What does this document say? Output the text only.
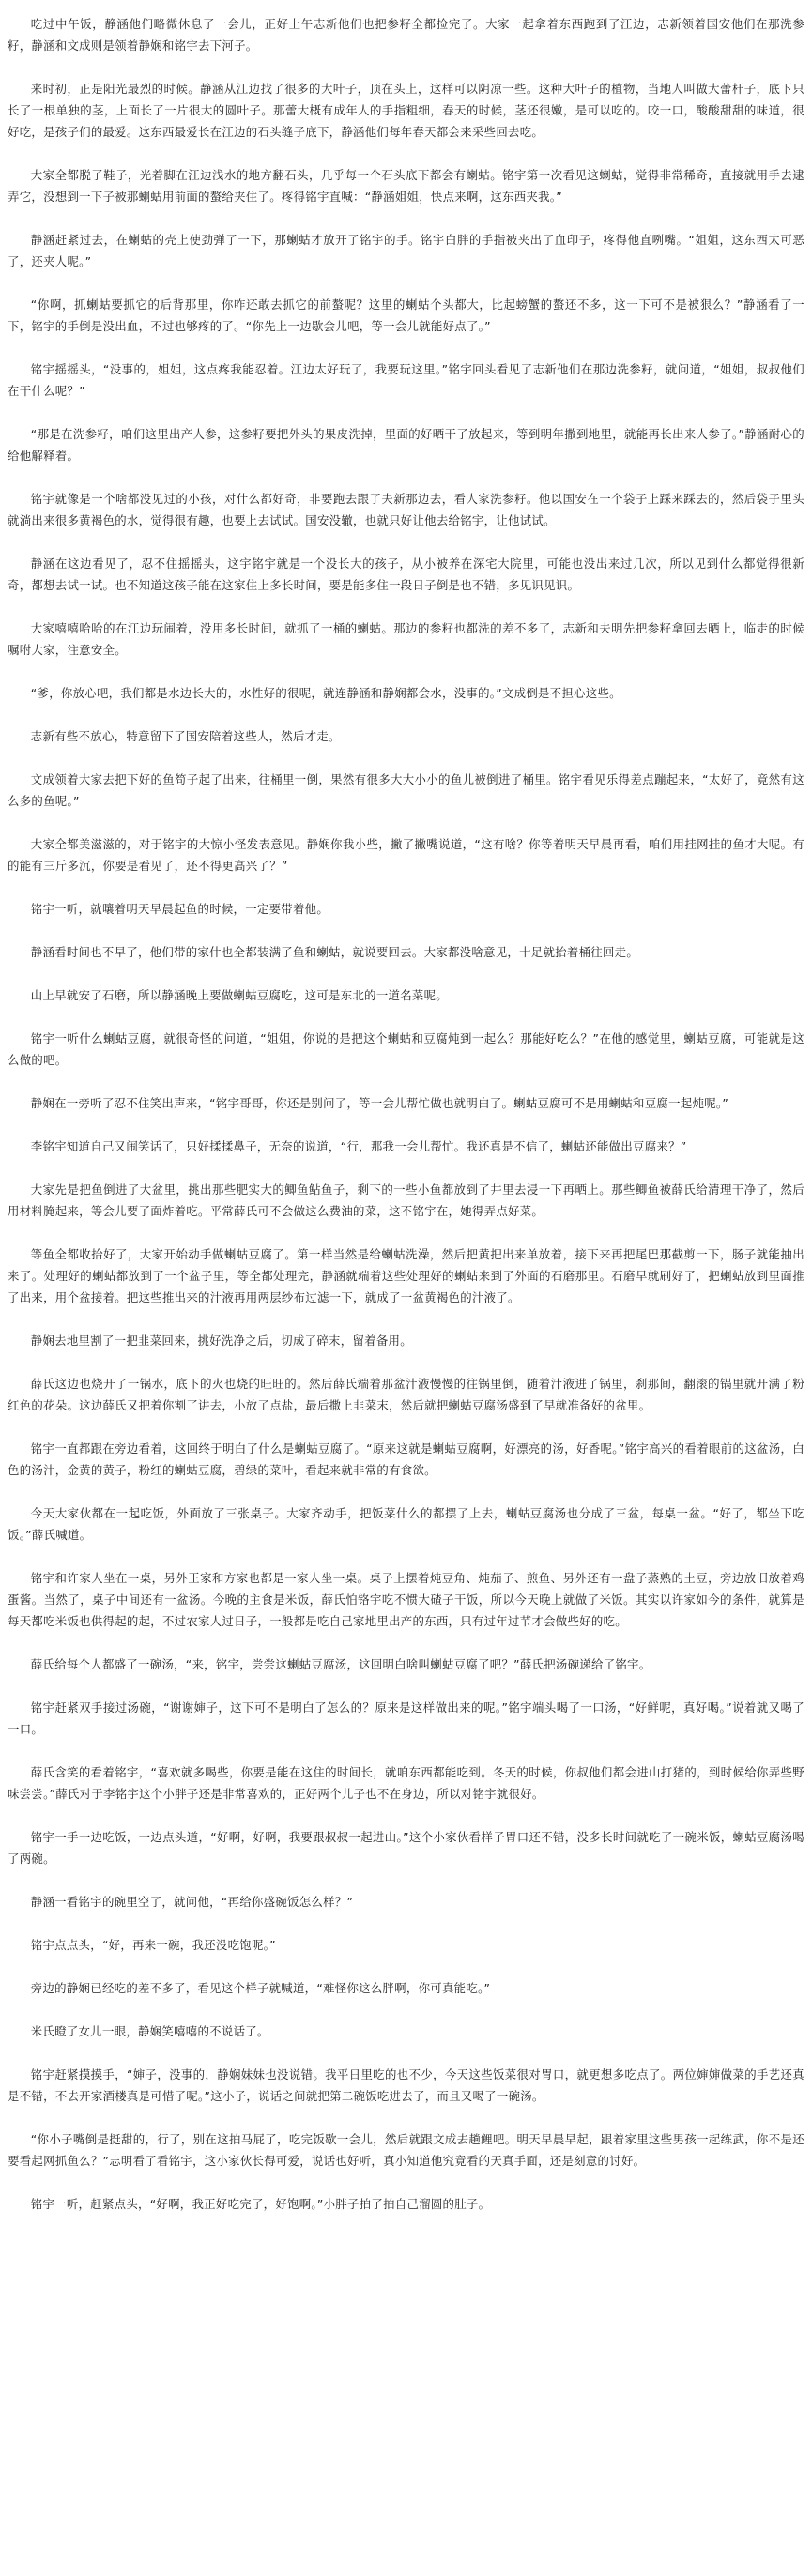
吃过中午饭，静涵他们略微休息了一会儿，正好上午志新他们也把参籽全都捡完了。大家一起拿着东西跑到了江边，志新领着国安他们在那洗参籽，静涵和文成则是领着静娴和铭宇去下河子。

来时初，正是阳光最烈的时候。静涵从江边找了很多的大叶子，顶在头上，这样可以阴凉一些。这种大叶子的植物，当地人叫做大蕾杆子，底下只长了一根单独的茎，上面长了一片很大的圆叶子。那蕾大概有成年人的手指粗细，春天的时候，茎还很嫩，是可以吃的。咬一口，酸酸甜甜的味道，很好吃，是孩子们的最爱。这东西最爱长在江边的石头缝子底下，静涵他们每年春天都会来采些回去吃。

大家全都脱了鞋子，光着脚在江边浅水的地方翻石头，几乎每一个石头底下都会有蝲蛄。铭宇第一次看见这蝲蛄，觉得非常稀奇，直接就用手去逮弄它，没想到一下子被那蝲蛄用前面的螯给夹住了。疼得铭宇直喊：“静涵姐姐，快点来啊，这东西夹我。”

静涵赶紧过去，在蝲蛄的壳上使劲弹了一下，那蝲蛄才放开了铭宇的手。铭宇白胖的手指被夹出了血印子，疼得他直咧嘴。“姐姐，这东西太可恶了，还夹人呢。”

“你啊，抓蝲蛄要抓它的后背那里，你咋还敢去抓它的前螯呢？这里的蝲蛄个头都大，比起螃蟹的螯还不多，这一下可不是被狠么？”静涵看了一下，铭宇的手倒是没出血，不过也够疼的了。“你先上一边歇会儿吧，等一会儿就能好点了。”

铭宇摇摇头，“没事的，姐姐，这点疼我能忍着。江边太好玩了，我要玩这里。”铭宇回头看见了志新他们在那边洗参籽，就问道，“姐姐，叔叔他们在干什么呢？”

“那是在洗参籽，咱们这里出产人参，这参籽要把外头的果皮洗掉，里面的好晒干了放起来，等到明年撒到地里，就能再长出来人参了。”静涵耐心的给他解释着。

铭宇就像是一个啥都没见过的小孩，对什么都好奇，非要跑去跟了夫新那边去，看人家洗参籽。他以国安在一个袋子上踩来踩去的，然后袋子里头就淌出来很多黄褐色的水，觉得很有趣，也要上去试试。国安没辙，也就只好让他去给铭宇，让他试试。

静涵在这边看见了，忍不住摇摇头，这宇铭宇就是一个没长大的孩子，从小被养在深宅大院里，可能也没出来过几次，所以见到什么都觉得很新奇，都想去试一试。也不知道这孩子能在这家住上多长时间，要是能多住一段日子倒是也不错，多见识见识。

大家嘻嘻哈哈的在江边玩闹着，没用多长时间，就抓了一桶的蝲蛄。那边的参籽也都洗的差不多了，志新和夫明先把参籽拿回去晒上，临走的时候嘱咐大家，注意安全。

“爹，你放心吧，我们都是水边长大的，水性好的很呢，就连静涵和静娴都会水，没事的。”文成倒是不担心这些。

志新有些不放心，特意留下了国安陪着这些人，然后才走。

文成领着大家去把下好的鱼笱子起了出来，往桶里一倒，果然有很多大大小小的鱼儿被倒进了桶里。铭宇看见乐得差点蹦起来，“太好了，竟然有这么多的鱼呢。”

大家全都美滋滋的，对于铭宇的大惊小怪发表意见。静娴你我小些，撇了撇嘴说道，“这有啥？你等着明天早晨再看，咱们用挂网挂的鱼才大呢。有的能有三斤多沉，你要是看见了，还不得更高兴了？”

铭宇一听，就嚷着明天早晨起鱼的时候，一定要带着他。

静涵看时间也不早了，他们带的家什也全都装满了鱼和蝲蛄，就说要回去。大家都没啥意见，十足就抬着桶往回走。

山上早就安了石磨，所以静涵晚上要做蝲蛄豆腐吃，这可是东北的一道名菜呢。

铭宇一听什么蝲蛄豆腐，就很奇怪的问道，“姐姐，你说的是把这个蝲蛄和豆腐炖到一起么？那能好吃么？”在他的感觉里，蝲蛄豆腐，可能就是这么做的吧。

静娴在一旁听了忍不住笑出声来，“铭宇哥哥，你还是别问了，等一会儿帮忙做也就明白了。蝲蛄豆腐可不是用蝲蛄和豆腐一起炖呢。”

李铭宇知道自己又闹笑话了，只好揉揉鼻子，无奈的说道，“行，那我一会儿帮忙。我还真是不信了，蝲蛄还能做出豆腐来？”

大家先是把鱼倒进了大盆里，挑出那些肥实大的鲫鱼鲇鱼子，剩下的一些小鱼都放到了井里去浸一下再晒上。那些鲫鱼被薛氏给清理干净了，然后用材料腌起来，等会儿要了面炸着吃。平常薛氏可不会做这么费油的菜，这不铭宇在，她得弄点好菜。

等鱼全都收拾好了，大家开始动手做蝲蛄豆腐了。第一样当然是给蝲蛄洗澡，然后把黄把出来单放着，接下来再把尾巴那截剪一下，肠子就能抽出来了。处理好的蝲蛄都放到了一个盆子里，等全都处理完，静涵就端着这些处理好的蝲蛄来到了外面的石磨那里。石磨早就刷好了，把蝲蛄放到里面推了出来，用个盆接着。把这些推出来的汁液再用两层纱布过滤一下，就成了一盆黄褐色的汁液了。

静娴去地里割了一把韭菜回来，挑好洗净之后，切成了碎末，留着备用。

薛氏这边也烧开了一锅水，底下的火也烧的旺旺的。然后薛氏端着那盆汁液慢慢的往锅里倒，随着汁液进了锅里，刹那间，翻滚的锅里就开满了粉红色的花朵。这边薛氏又把着你割了讲去，小放了点盐，最后撒上韭菜末，然后就把蝲蛄豆腐汤盛到了早就准备好的盆里。

铭宇一直都跟在旁边看着，这回终于明白了什么是蝲蛄豆腐了。“原来这就是蝲蛄豆腐啊，好漂亮的汤，好香呢。”铭宇高兴的看着眼前的这盆汤，白色的汤汁，金黄的黄子，粉红的蝲蛄豆腐，碧绿的菜叶，看起来就非常的有食欲。

今天大家伙都在一起吃饭，外面放了三张桌子。大家齐动手，把饭菜什么的都摆了上去，蝲蛄豆腐汤也分成了三盆，每桌一盆。“好了，都坐下吃饭。”薛氏喊道。

铭宇和许家人坐在一桌，另外王家和方家也都是一家人坐一桌。桌子上摆着炖豆角、炖茄子、煎鱼、另外还有一盘子蒸熟的土豆，旁边放旧放着鸡蛋酱。当然了，桌子中间还有一盆汤。今晚的主食是米饭，薛氏怕铬宇吃不惯大碴子干饭，所以今天晚上就做了米饭。其实以许家如今的条件，就算是每天都吃米饭也供得起的起，不过农家人过日子，一般都是吃自己家地里出产的东西，只有过年过节才会做些好的吃。

薛氏给每个人都盛了一碗汤，“来，铭宇，尝尝这蝲蛄豆腐汤，这回明白啥叫蝲蛄豆腐了吧？”薛氏把汤碗递给了铭宇。

铭宇赶紧双手接过汤碗，“谢谢婶子，这下可不是明白了怎么的？原来是这样做出来的呢。”铭宇端头喝了一口汤，“好鲜呢，真好喝。”说着就又喝了一口。

薛氏含笑的看着铭宇，“喜欢就多喝些，你要是能在这住的时间长，就咱东西都能吃到。冬天的时候，你叔他们都会进山打猪的，到时候给你弄些野味尝尝。”薛氏对于李铭宇这个小胖子还是非常喜欢的，正好两个儿子也不在身边，所以对铭宇就很好。

铭宇一手一边吃饭，一边点头道，“好啊，好啊，我要跟叔叔一起进山。”这个小家伙看样子胃口还不错，没多长时间就吃了一碗米饭，蝲蛄豆腐汤喝了两碗。

静涵一看铭宇的碗里空了，就问他，“再给你盛碗饭怎么样？”

铭宇点点头，“好，再来一碗，我还没吃饱呢。”

旁边的静娴已经吃的差不多了，看见这个样子就喊道，“难怪你这么胖啊，你可真能吃。”

米氏瞪了女儿一眼，静娴笑嘻嘻的不说话了。

铭宇赶紧摸摸手，“婶子，没事的，静娴妹妹也没说错。我平日里吃的也不少，今天这些饭菜很对胃口，就更想多吃点了。两位婶婶做菜的手艺还真是不错，不去开家酒楼真是可惜了呢。”这小子，说话之间就把第二碗饭吃进去了，而且又喝了一碗汤。

“你小子嘴倒是挺甜的，行了，别在这拍马屁了，吃完饭歇一会儿，然后就跟文成去趟鲤吧。明天早晨早起，跟着家里这些男孩一起练武，你不是还要看起网抓鱼么？”志明看了看铭宇，这小家伙长得可爱，说话也好听，真小知道他究竟看的天真手面，还是刻意的讨好。

铭宇一听，赶紧点头，“好啊，我正好吃完了，好饱啊。”小胖子拍了拍自己溜圆的肚子。
